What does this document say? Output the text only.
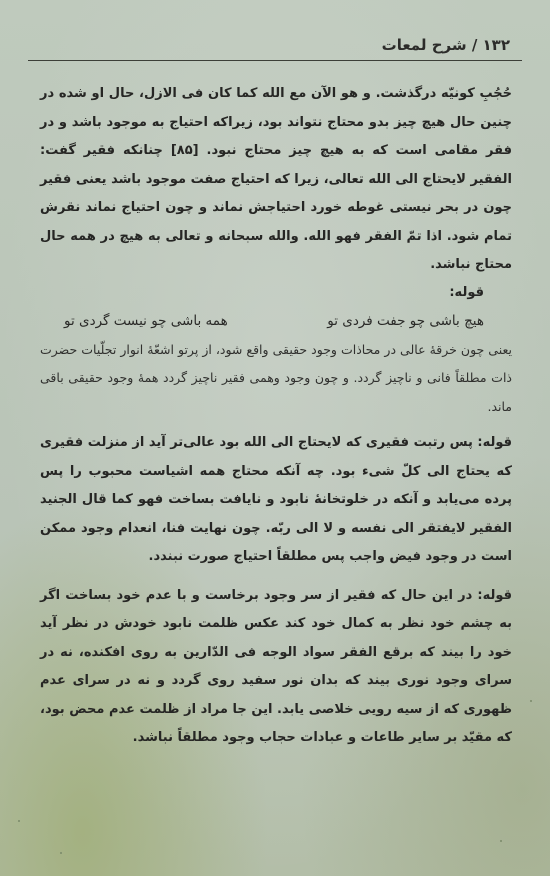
۱۳۲ / شرح لمعات

حُجُبِ کونیّه درگذشت. و هو الآن مع الله کما کان فی الازل، حال او شده در چنین حال هیچ چیز بدو محتاج نتواند بود، زیراکه احتیاج به موجود باشد و در فقر مقامی است که به هیچ چیز محتاج نبود. [۸۵] چنانکه فقیر گفت: الفقیر لایحتاج الی الله تعالی، زیرا که احتیاج صفت موجود باشد یعنی فقیر چون در بحر نیستی غوطه خورد احتیاجش نماند و چون احتیاج نماند نقرش تمام شود. اذا تمّ الفقر فهو الله. والله سبحانه و تعالی به هیچ در همه حال محتاج نباشد.

قوله:

هیچ باشی چو جفت فردی تو
همه باشی چو نیست گردی تو

یعنی چون خرقهٔ عالی در محاذات وجود حقیقی واقع شود، از پرتو اشعّهٔ انوار تجلّیات حضرت ذات مطلقاً فانی و ناچیز گردد. و چون وجود وهمی فقیر ناچیز گردد همهٔ وجود حقیقی باقی ماند.

قوله: پس رتبت فقیری که لایحتاج الی الله بود عالی‌تر آید از منزلت فقیری که یحتاج الی کلّ شیء بود. چه آنکه محتاج همه اشیاست محبوب را پس پرده می‌یابد و آنکه در خلوتخانهٔ نابود و نایافت بساخت فهو کما قال الجنید الفقیر لایفتقر الی نفسه و لا الی ربّه. چون نهایت فنا، انعدام وجود ممکن است در وجود فیض واجب پس مطلقاً احتیاج صورت نبندد.

قوله: در این حال که فقیر از سر وجود برخاست و با عدم خود بساخت اگر به چشم خود نظر به کمال خود کند عکس ظلمت نابود خودش در نظر آید خود را بیند که برقع الفقر سواد الوجه فی الدّارین به روی افکنده، نه در سرای وجود نوری بیند که بدان نور سفید روی گردد و نه در سرای عدم ظهوری که از سیه رویی خلاصی یابد. این جا مراد از ظلمت عدم محض بود، که مقیّد بر سایر طاعات و عبادات حجاب وجود مطلقاً نباشد.
